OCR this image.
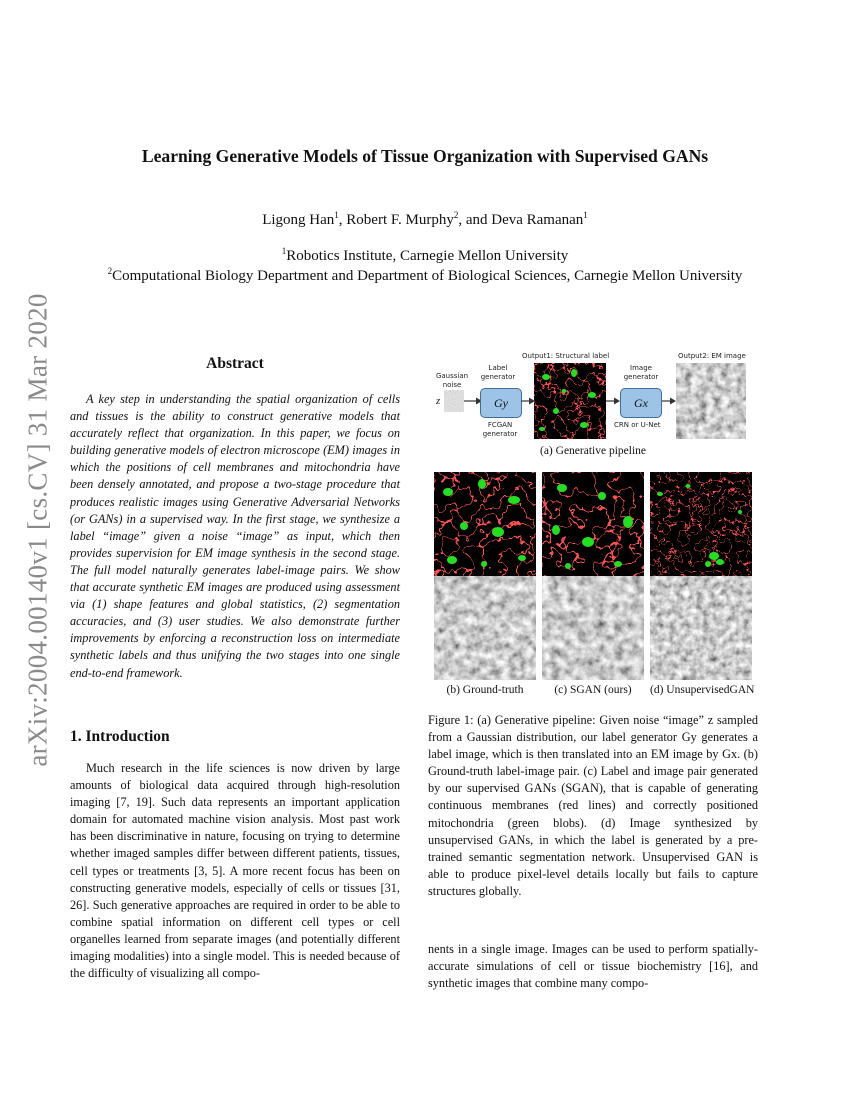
arXiv:2004.00140v1 [cs.CV] 31 Mar 2020
Learning Generative Models of Tissue Organization with Supervised GANs
Ligong Han$^1$, Robert F. Murphy$^2$, and Deva Ramanan$^1$
$^1$Robotics Institute, Carnegie Mellon University
$^2$Computational Biology Department and Department of Biological Sciences, Carnegie Mellon University
Abstract

A key step in understanding the spatial organization of cells and tissues is the ability to construct generative models that accurately reflect that organization. In this paper, we focus on building generative models of electron microscope (EM) images in which the positions of cell membranes and mitochondria have been densely annotated, and propose a two-stage procedure that produces realistic images using Generative Adversarial Networks (or GANs) in a supervised way. In the first stage, we synthesize a label “image” given a noise “image” as input, which then provides supervision for EM image synthesis in the second stage. The full model naturally generates label-image pairs. We show that accurate synthetic EM images are produced using assessment via (1) shape features and global statistics, (2) segmentation accuracies, and (3) user studies. We also demonstrate further improvements by enforcing a reconstruction loss on intermediate synthetic labels and thus unifying the two stages into one single end-to-end framework.

1. Introduction

Much research in the life sciences is now driven by large amounts of biological data acquired through high-resolution imaging [7, 19]. Such data represents an important application domain for automated machine vision analysis. Most past work has been discriminative in nature, focusing on trying to determine whether imaged samples differ between different patients, tissues, cell types or treatments [3, 5]. A more recent focus has been on constructing generative models, especially of cells or tissues [31, 26]. Such generative approaches are required in order to be able to combine spatial information on different cell types or cell organelles learned from separate images (and potentially different imaging modalities) into a single model. This is needed because of the difficulty of visualizing all compo-

Gaussian noise
z
Label generator
Gy
FCGAN generator
Output1: Structural label
Image generator
Gx
CRN or U-Net
Output2: EM image
(a) Generative pipeline
(b) Ground-truth	(c) SGAN (ours)	(d) UnsupervisedGAN

Figure 1: (a) Generative pipeline: Given noise “image” z sampled from a Gaussian distribution, our label generator Gy generates a label image, which is then translated into an EM image by Gx. (b) Ground-truth label-image pair. (c) Label and image pair generated by our supervised GANs (SGAN), that is capable of generating continuous membranes (red lines) and correctly positioned mitochondria (green blobs). (d) Image synthesized by unsupervised GANs, in which the label is generated by a pre-trained semantic segmentation network. Unsupervised GAN is able to produce pixel-level details locally but fails to capture structures globally.

nents in a single image. Images can be used to perform spatially-accurate simulations of cell or tissue biochemistry [16], and synthetic images that combine many compo-
